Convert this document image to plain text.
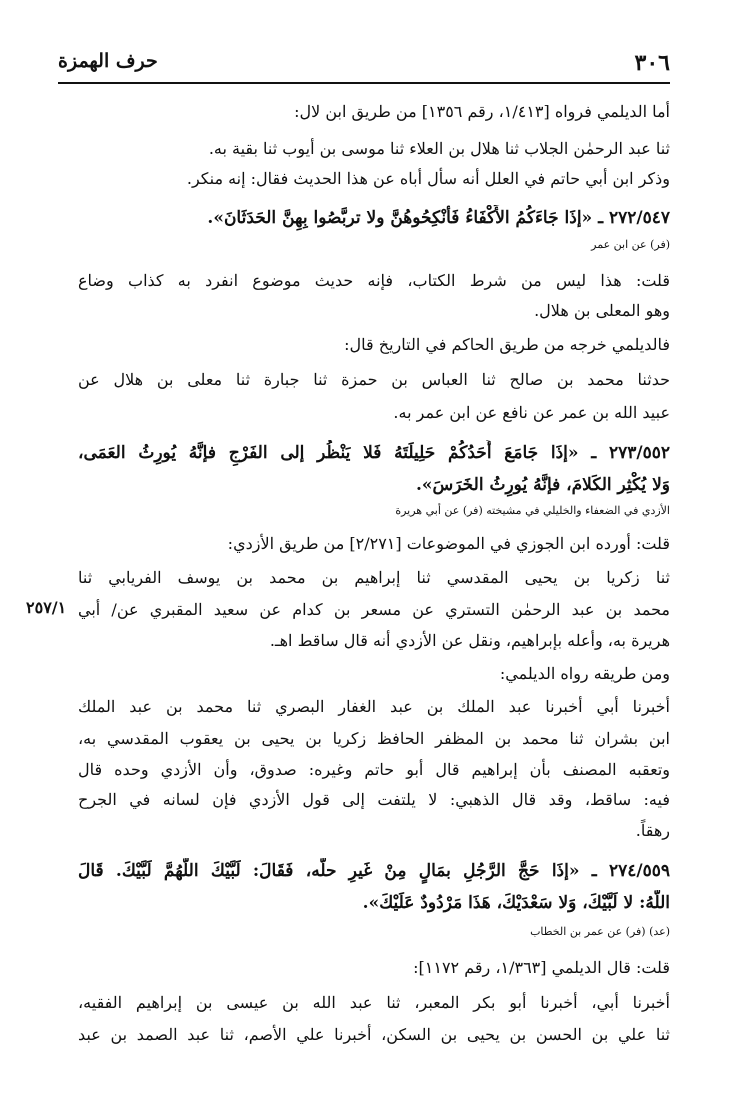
٣٠٦
حرف الهمزة
٢٥٧/١
أما الديلمي فرواه [١/٤١٣، رقم ١٣٥٦] من طريق ابن لال:
ثنا عبد الرحمٰن الجلاب ثنا هلال بن العلاء ثنا موسى بن أيوب ثنا بقية به.
وذكر ابن أبي حاتم في العلل أنه سأل أباه عن هذا الحديث فقال: إنه منكر.
٢٧٢/٥٤٧ ـ «إذَا جَاءَكُمُ الأَكْفَاءُ فَأَنْكِحُوهُنَّ ولا تربَّصُوا بِهِنَّ الحَدَثَانَ».
(فر) عن ابن عمر
قلت: هذا ليس من شرط الكتاب، فإنه حديث موضوع انفرد به كذاب وضاع
وهو المعلى بن هلال.
فالديلمي خرجه من طريق الحاكم في التاريخ قال:
حدثنا محمد بن صالح ثنا العباس بن حمزة ثنا جبارة ثنا معلى بن هلال عن
عبيد الله بن عمر عن نافع عن ابن عمر به.
٢٧٣/٥٥٢ ـ «إذَا جَامَعَ أَحَدُكُمْ حَلِيلَتَهُ فَلا يَنْظُر إلى الفَرْجِ فإنَّهُ يُورِثُ العَمَى،
وَلا يُكْثِر الكَلامَ، فإنَّهُ يُورِثُ الخَرَسَ».
الأزدي في الضعفاء والخليلي في مشيخته (فر) عن أبي هريرة
قلت: أورده ابن الجوزي في الموضوعات [٢/٢٧١] من طريق الأزدي:
ثنا زكريا بن يحيى المقدسي ثنا إبراهيم بن محمد بن يوسف الفريابي ثنا
محمد بن عبد الرحمٰن التستري عن مسعر بن كدام عن سعيد المقبري عن/ أبي
هريرة به، وأعله بإبراهيم، ونقل عن الأزدي أنه قال ساقط اهـ.
ومن طريقه رواه الديلمي:
أخبرنا أبي أخبرنا عبد الملك بن عبد الغفار البصري ثنا محمد بن عبد الملك
ابن بشران ثنا محمد بن المظفر الحافظ زكريا بن يحيى بن يعقوب المقدسي به،
وتعقبه المصنف بأن إبراهيم قال أبو حاتم وغيره: صدوق، وأن الأزدي وحده قال
فيه: ساقط، وقد قال الذهبي: لا يلتفت إلى قول الأزدي فإن لسانه في الجرح
رهقاً.
٢٧٤/٥٥٩ ـ «إذَا حَجَّ الرَّجُلِ بمَالٍ مِنْ غَيرِ حلّه، فَقَالَ: لَبَّيْكَ اللَّهُمَّ لَبَّيْكَ. قَالَ
اللَّهُ: لا لَبَّيْكَ، وَلا سَعْدَيْكَ، هَذَا مَرْدُودٌ عَلَيْكَ».
(عد) (فر) عن عمر بن الخطاب
قلت: قال الديلمي [١/٣٦٣، رقم ١١٧٢]:
أخبرنا أبي، أخبرنا أبو بكر المعبر، ثنا عبد الله بن عيسى بن إبراهيم الفقيه،
ثنا علي بن الحسن بن يحيى بن السكن، أخبرنا علي الأصم، ثنا عبد الصمد بن عبد
